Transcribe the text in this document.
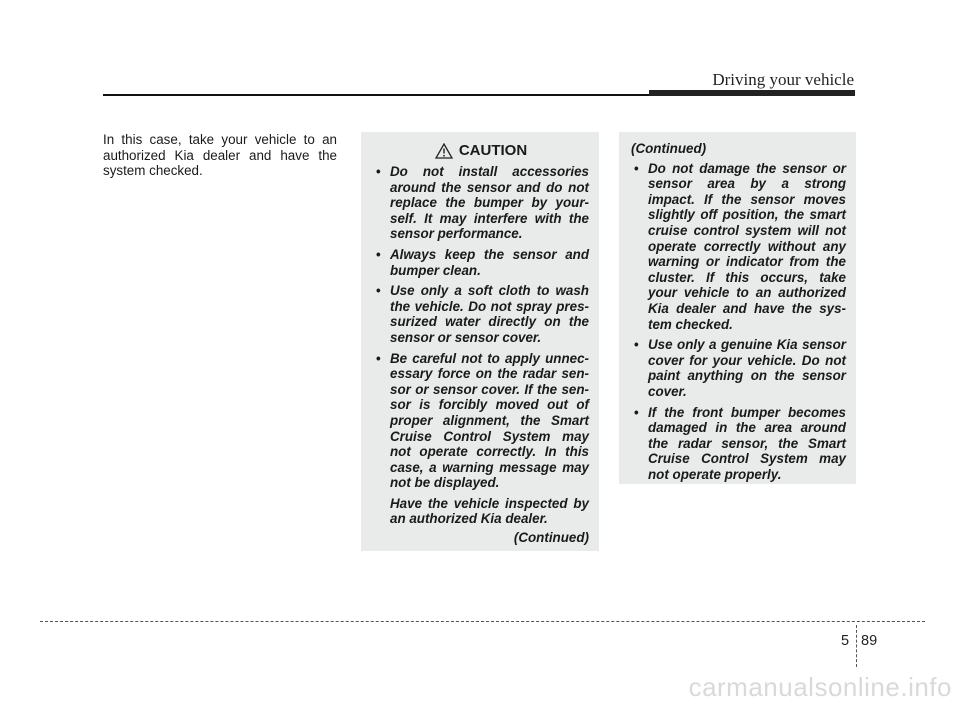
Driving your vehicle
In this case, take your vehicle to an authorized Kia dealer and have the system checked.
CAUTION
• Do not install accessories around the sensor and do not replace the bumper by your-self. It may interfere with the sensor performance.
• Always keep the sensor and bumper clean.
• Use only a soft cloth to wash the vehicle. Do not spray pres-surized water directly on the sensor or sensor cover.
• Be careful not to apply unnec-essary force on the radar sen-sor or sensor cover. If the sen-sor is forcibly moved out of proper alignment, the Smart Cruise Control System may not operate correctly. In this case, a warning message may not be displayed.
Have the vehicle inspected by an authorized Kia dealer.
(Continued)
(Continued)
• Do not damage the sensor or sensor area by a strong impact. If the sensor moves slightly off position, the smart cruise control system will not operate correctly without any warning or indicator from the cluster. If this occurs, take your vehicle to an authorized Kia dealer and have the sys-tem checked.
• Use only a genuine Kia sensor cover for your vehicle. Do not paint anything on the sensor cover.
• If the front bumper becomes damaged in the area around the radar sensor, the Smart Cruise Control System may not operate properly.
5 89
carmanualsonline.info
